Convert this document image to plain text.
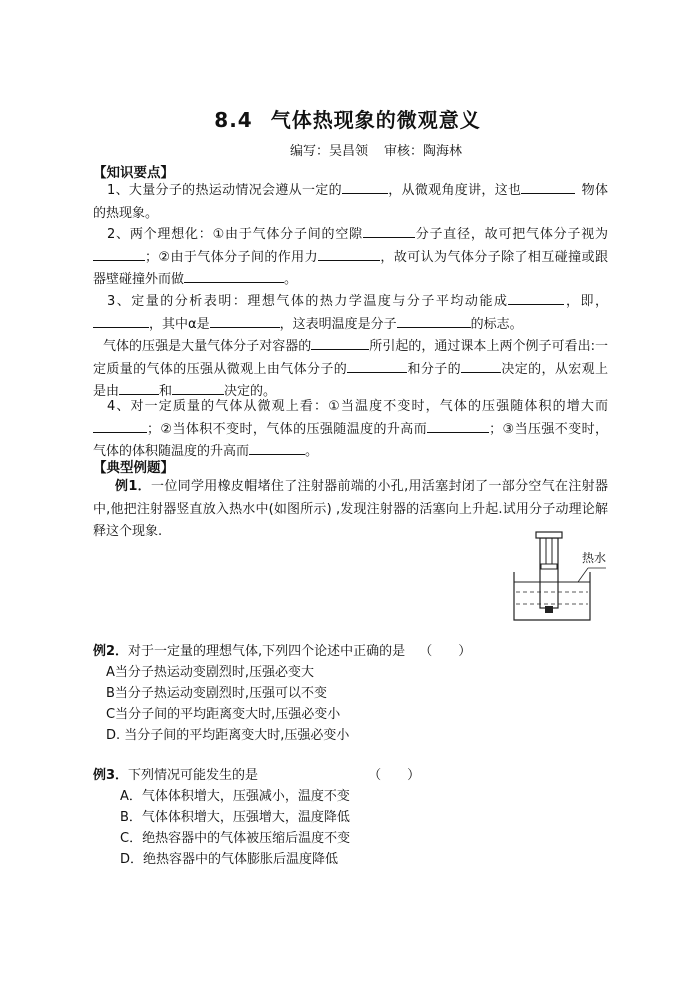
8.4 气体热现象的微观意义
编写：吴昌领 审核：陶海林
【知识要点】
1、大量分子的热运动情况会遵从一定的	，从微观角度讲，这也	物体的热现象。
2、两个理想化：①由于气体分子间的空隙	分子直径，故可把气体分子视为；②由于气体分子间的作用力	，故可认为气体分子除了相互碰撞或跟器壁碰撞外而做	。
3、定量的分析表明：理想气体的热力学温度与分子平均动能成	，即，，其中α是	，这表明温度是分子	的标志。
气体的压强是大量气体分子对容器的	所引起的，通过课本上两个例子可看出:一定质量的气体的压强从微观上由气体分子的	和分子的	决定的，从宏观上是由	和	决定的。
4、对一定质量的气体从微观上看：①当温度不变时，气体的压强随体积的增大而；②当体积不变时，气体的压强随温度的升高而	；③当压强不变时，气体的体积随温度的升高而	。
【典型例题】
例1．一位同学用橡皮帽堵住了注射器前端的小孔,用活塞封闭了一部分空气在注射器中,他把注射器竖直放入热水中(如图所示) ,发现注射器的活塞向上升起.试用分子动理论解释这个现象.
热水
例2．对于一定量的理想气体,下列四个论述中正确的是 （　　）
A当分子热运动变剧烈时,压强必变大
B当分子热运动变剧烈时,压强可以不变
C当分子间的平均距离变大时,压强必变小
D. 当分子间的平均距离变大时,压强必变小
例3．下列情况可能发生的是	（　　）
A．气体体积增大，压强减小，温度不变
B．气体体积增大，压强增大，温度降低
C．绝热容器中的气体被压缩后温度不变
D．绝热容器中的气体膨胀后温度降低
